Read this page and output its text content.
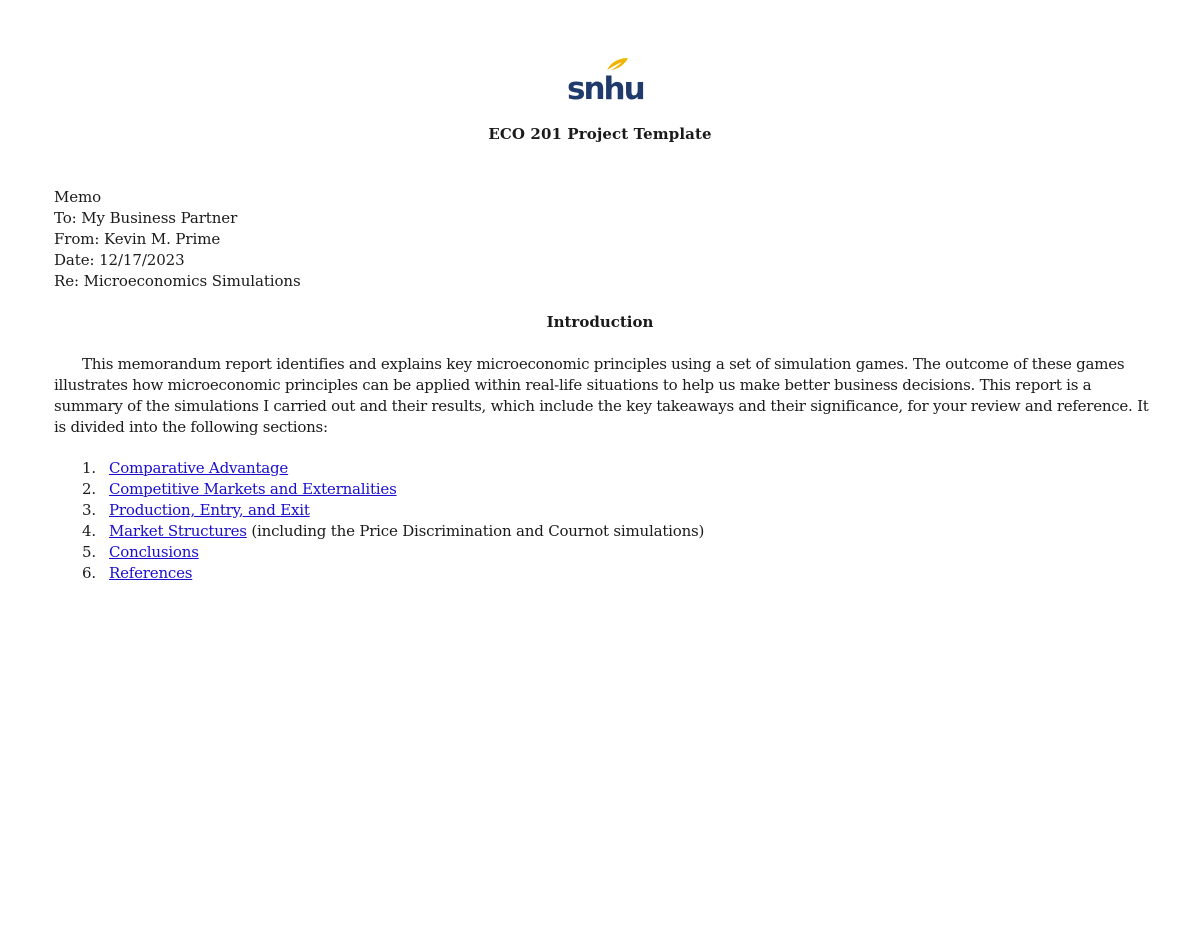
snhu
ECO 201 Project Template
Memo
To: My Business Partner
From: Kevin M. Prime
Date: 12/17/2023
Re: Microeconomics Simulations
Introduction

This memorandum report identifies and explains key microeconomic principles using a set of simulation games. The outcome of these games illustrates how microeconomic principles can be applied within real-life situations to help us make better business decisions. This report is a summary of the simulations I carried out and their results, which include the key takeaways and their significance, for your review and reference. It is divided into the following sections:

1. Comparative Advantage
2. Competitive Markets and Externalities
3. Production, Entry, and Exit
4. Market Structures (including the Price Discrimination and Cournot simulations)
5. Conclusions
6. References
